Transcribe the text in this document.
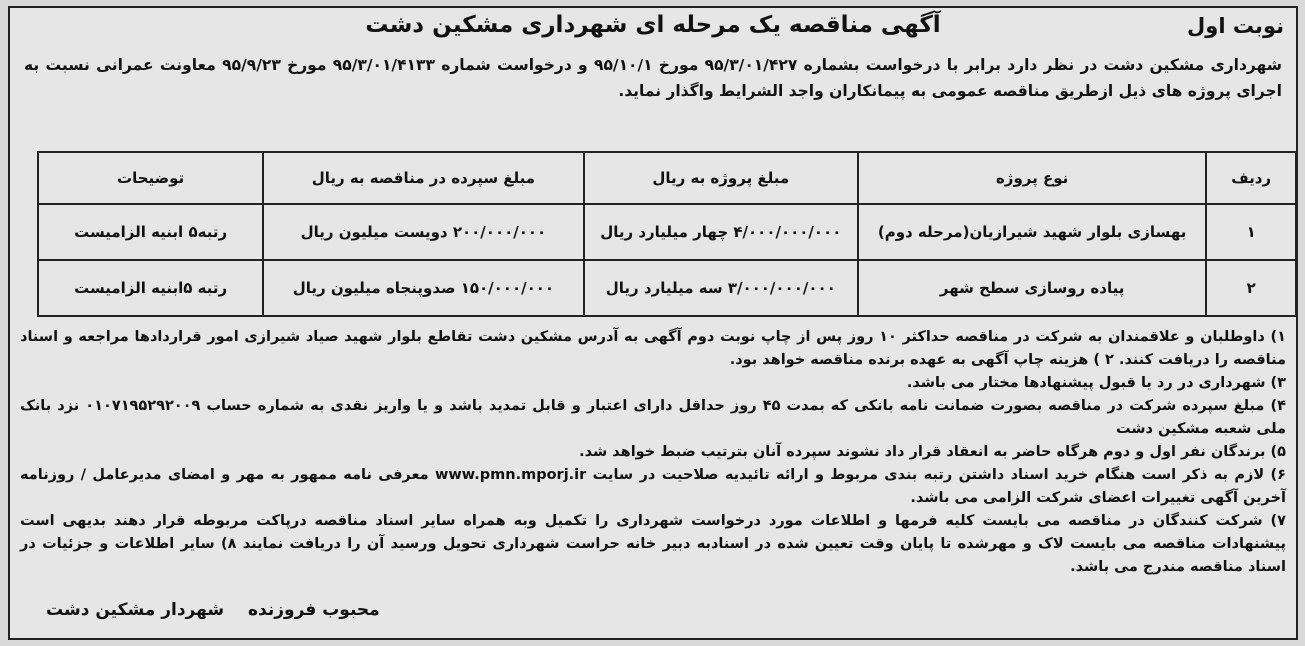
آگهی مناقصه یک مرحله ای شهرداری مشکین دشت	نوبت اول
شهرداری مشکین دشت در نظر دارد برابر با درخواست بشماره ۹۵/۳/۰۱/۴۲۷ مورخ ۹۵/۱۰/۱ و درخواست شماره ۹۵/۳/۰۱/۴۱۳۳ مورخ ۹۵/۹/۲۳ معاونت عمرانی نسبت به اجرای پروژه های ذیل ازطریق مناقصه عمومی به پیمانکاران واجد الشرایط واگذار نماید.
ردیف	نوع پروژه	مبلغ پروژه به ریال	مبلغ سپرده در مناقصه به ریال	توضیحات
۱	بهسازی بلوار شهید شیرازیان(مرحله دوم)	۴/۰۰۰/۰۰۰/۰۰۰ چهار میلیارد ریال	۲۰۰/۰۰۰/۰۰۰ دویست میلیون ریال	رتبه۵ ابنیه الزامیست
۲	پیاده روسازی سطح شهر	۳/۰۰۰/۰۰۰/۰۰۰ سه میلیارد ریال	۱۵۰/۰۰۰/۰۰۰ صدوپنجاه میلیون ریال	رتبه ۵ابنیه الزامیست

۱) داوطلبان و علاقمندان به شرکت در مناقصه حداکثر ۱۰ روز پس از چاپ نوبت دوم آگهی به آدرس مشکین دشت تقاطع بلوار شهید صیاد شیرازی امور قراردادها مراجعه و اسناد مناقصه را دریافت کنند. ۲ ) هزینه چاپ آگهی به عهده برنده مناقصه خواهد بود.

۳) شهرداری در رد یا قبول پیشنهادها مختار می باشد.

۴) مبلغ سپرده شرکت در مناقصه بصورت ضمانت نامه بانکی که بمدت ۴۵ روز حداقل دارای اعتبار و قابل تمدید باشد و یا واریز نقدی به شماره حساب ۰۱۰۷۱۹۵۲۹۲۰۰۹ نزد بانک ملی شعبه مشکین دشت

۵) برندگان نفر اول و دوم هرگاه حاضر به انعقاد قرار داد نشوند سپرده آنان بترتیب ضبط خواهد شد.

۶) لازم به ذکر است هنگام خرید اسناد داشتن رتبه بندی مربوط و ارائه تائیدیه صلاحیت در سایت www.pmn.mporj.ir معرفی نامه ممهور به مهر و امضای مدیرعامل / روزنامه آخرین آگهی تغییرات اعضای شرکت الزامی می باشد.

۷) شرکت کنندگان در مناقصه می بایست کلیه فرمها و اطلاعات مورد درخواست شهرداری را تکمیل وبه همراه سایر اسناد مناقصه درپاکت مربوطه قرار دهند بدیهی است پیشنهادات مناقصه می بایست لاک و مهرشده تا پایان وقت تعیین شده در اسنادبه دبیر خانه حراست شهرداری تحویل ورسید آن را دریافت نمایند ۸) سایر اطلاعات و جزئیات در اسناد مناقصه مندرج می باشد.

محبوب فروزنده شهردار مشکین دشت
